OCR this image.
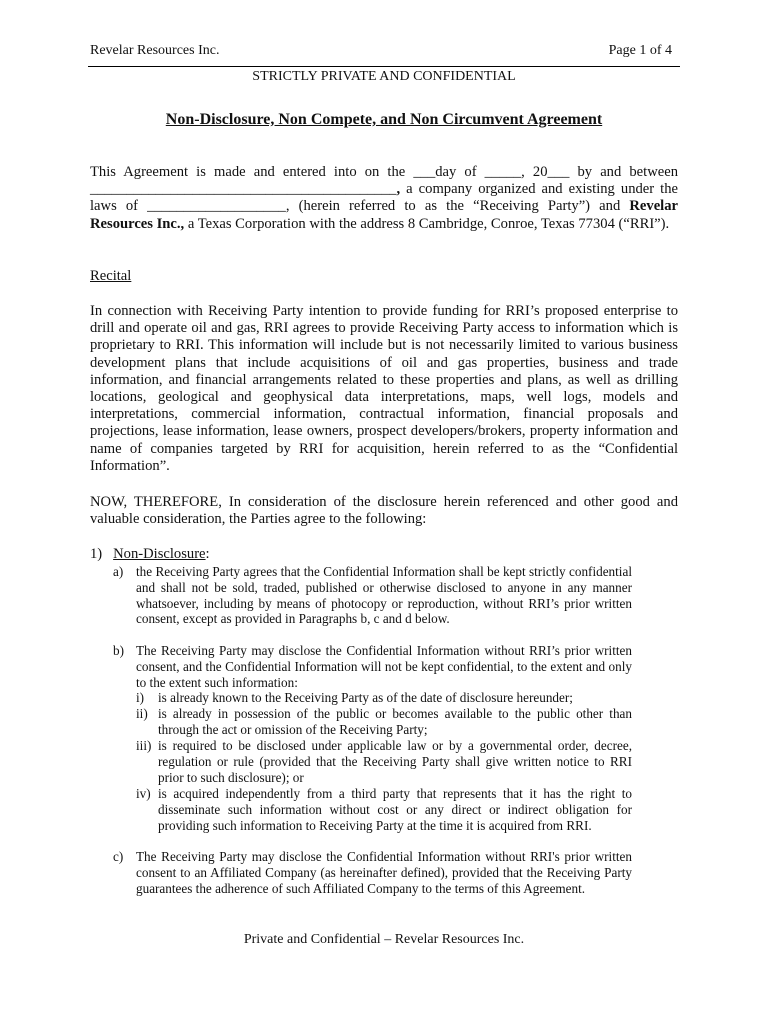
Revelar Resources Inc.	Page 1 of 4
STRICTLY PRIVATE AND CONFIDENTIAL
Non-Disclosure, Non Compete, and Non Circumvent Agreement
This Agreement is made and entered into on the ___day of _____, 20___ by and between __________________________________________, a company organized and existing under the laws of ___________________, (herein referred to as the “Receiving Party”) and Revelar Resources Inc., a Texas Corporation with the address 8 Cambridge, Conroe, Texas 77304 (“RRI”).
Recital
In connection with Receiving Party intention to provide funding for RRI’s proposed enterprise to drill and operate oil and gas, RRI agrees to provide Receiving Party access to information which is proprietary to RRI. This information will include but is not necessarily limited to various business development plans that include acquisitions of oil and gas properties, business and trade information, and financial arrangements related to these properties and plans, as well as drilling locations, geological and geophysical data interpretations, maps, well logs, models and interpretations, commercial information, contractual information, financial proposals and projections, lease information, lease owners, prospect developers/brokers, property information and name of companies targeted by RRI for acquisition, herein referred to as the “Confidential Information”.
NOW, THEREFORE, In consideration of the disclosure herein referenced and other good and valuable consideration, the Parties agree to the following:
1) Non-Disclosure:
a) the Receiving Party agrees that the Confidential Information shall be kept strictly confidential and shall not be sold, traded, published or otherwise disclosed to anyone in any manner whatsoever, including by means of photocopy or reproduction, without RRI’s prior written consent, except as provided in Paragraphs b, c and d below.
b) The Receiving Party may disclose the Confidential Information without RRI’s prior written consent, and the Confidential Information will not be kept confidential, to the extent and only to the extent such information:
i) is already known to the Receiving Party as of the date of disclosure hereunder;
ii) is already in possession of the public or becomes available to the public other than through the act or omission of the Receiving Party;
iii) is required to be disclosed under applicable law or by a governmental order, decree, regulation or rule (provided that the Receiving Party shall give written notice to RRI prior to such disclosure); or
iv) is acquired independently from a third party that represents that it has the right to disseminate such information without cost or any direct or indirect obligation for providing such information to Receiving Party at the time it is acquired from RRI.
c) The Receiving Party may disclose the Confidential Information without RRI's prior written consent to an Affiliated Company (as hereinafter defined), provided that the Receiving Party guarantees the adherence of such Affiliated Company to the terms of this Agreement.
Private and Confidential – Revelar Resources Inc.
